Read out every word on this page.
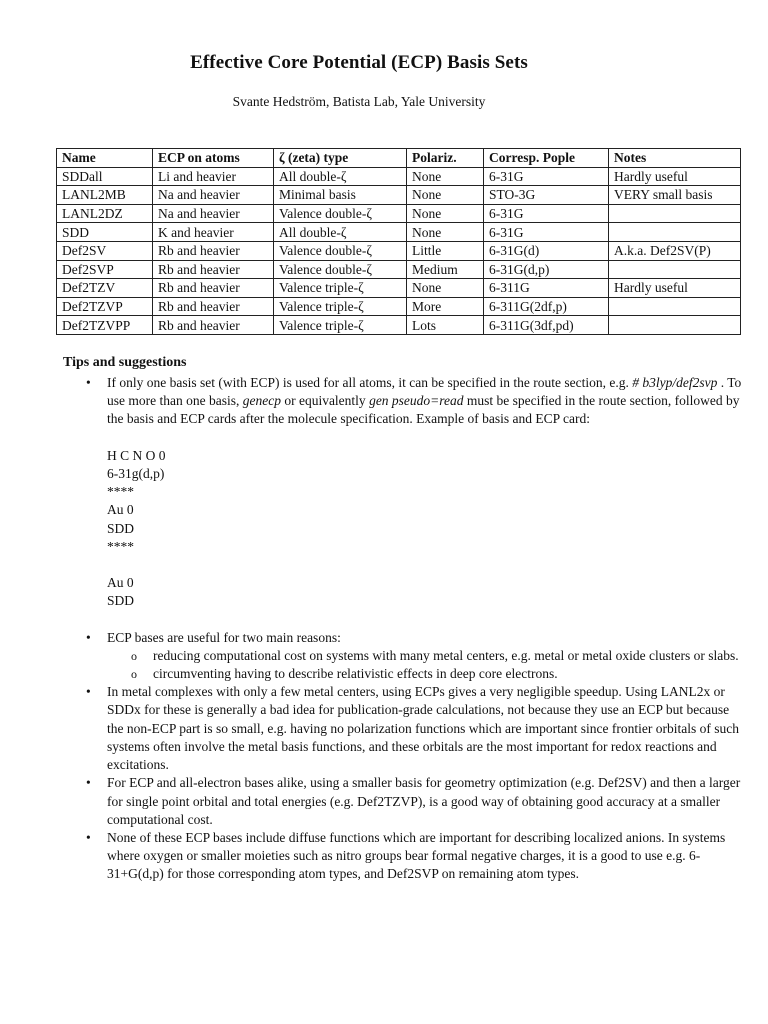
Effective Core Potential (ECP) Basis Sets
Svante Hedström, Batista Lab, Yale University
Name	ECP on atoms	ζ (zeta) type	Polariz.	Corresp. Pople	Notes
SDDall	Li and heavier	All double-ζ	None	6-31G	Hardly useful
LANL2MB	Na and heavier	Minimal basis	None	STO-3G	VERY small basis
LANL2DZ	Na and heavier	Valence double-ζ	None	6-31G	
SDD	K and heavier	All double-ζ	None	6-31G	
Def2SV	Rb and heavier	Valence double-ζ	Little	6-31G(d)	A.k.a. Def2SV(P)
Def2SVP	Rb and heavier	Valence double-ζ	Medium	6-31G(d,p)	
Def2TZV	Rb and heavier	Valence triple-ζ	None	6-311G	Hardly useful
Def2TZVP	Rb and heavier	Valence triple-ζ	More	6-311G(2df,p)	
Def2TZVPP	Rb and heavier	Valence triple-ζ	Lots	6-311G(3df,pd)	
Tips and suggestions
• If only one basis set (with ECP) is used for all atoms, it can be specified in the route section, e.g. # b3lyp/def2svp . To use more than one basis, genecp or equivalently gen pseudo=read must be specified in the route section, followed by the basis and ECP cards after the molecule specification. Example of basis and ECP card:
H C N O 0
6-31g(d,p)
****
Au 0
SDD
****
Au 0
SDD
• ECP bases are useful for two main reasons:
o reducing computational cost on systems with many metal centers, e.g. metal or metal oxide clusters or slabs.
o circumventing having to describe relativistic effects in deep core electrons.
• In metal complexes with only a few metal centers, using ECPs gives a very negligible speedup. Using LANL2x or SDDx for these is generally a bad idea for publication-grade calculations, not because they use an ECP but because the non-ECP part is so small, e.g. having no polarization functions which are important since frontier orbitals of such systems often involve the metal basis functions, and these orbitals are the most important for redox reactions and excitations.
• For ECP and all-electron bases alike, using a smaller basis for geometry optimization (e.g. Def2SV) and then a larger for single point orbital and total energies (e.g. Def2TZVP), is a good way of obtaining good accuracy at a smaller computational cost.
• None of these ECP bases include diffuse functions which are important for describing localized anions. In systems where oxygen or smaller moieties such as nitro groups bear formal negative charges, it is a good to use e.g. 6-31+G(d,p) for those corresponding atom types, and Def2SVP on remaining atom types.
